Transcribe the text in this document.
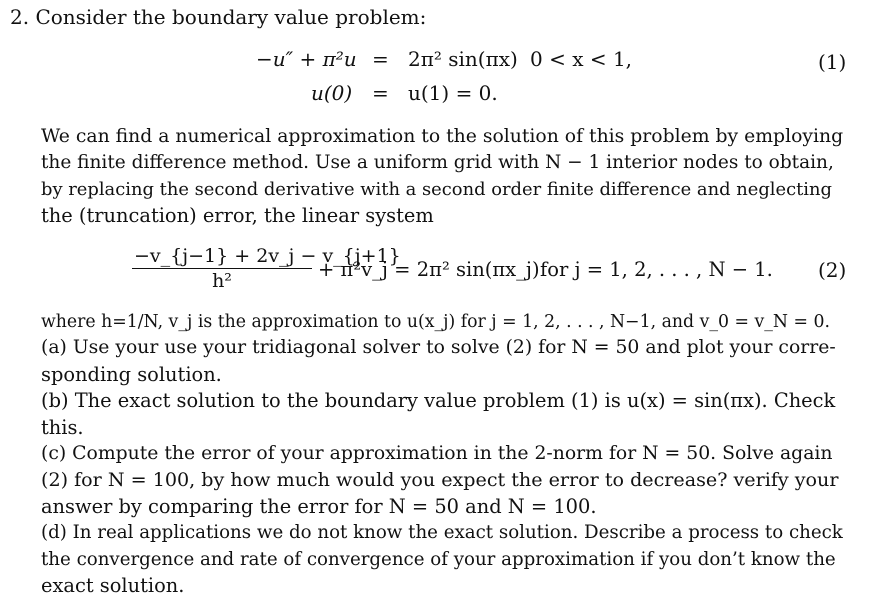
2. Consider the boundary value problem:
−u″ + π²u = 2π² sin(πx) 0 < x < 1,
u(0) = u(1) = 0.
(1)
We can find a numerical approximation to the solution of this problem by employing
the finite difference method. Use a uniform grid with N − 1 interior nodes to obtain,
by replacing the second derivative with a second order finite difference and neglecting
the (truncation) error, the linear system
−v_{j−1} + 2v_j − v_{j+1}
h²	+ π²v_j = 2π² sin(πx_j) for j = 1, 2, . . . , N − 1. (2)
where h=1/N, v_j is the approximation to u(x_j) for j = 1, 2, . . . , N−1, and v_0 = v_N = 0.
(a) Use your use your tridiagonal solver to solve (2) for N = 50 and plot your corre-
sponding solution.
(b) The exact solution to the boundary value problem (1) is u(x) = sin(πx). Check
this.
(c) Compute the error of your approximation in the 2-norm for N = 50. Solve again
(2) for N = 100, by how much would you expect the error to decrease? verify your
answer by comparing the error for N = 50 and N = 100.
(d) In real applications we do not know the exact solution. Describe a process to check
the convergence and rate of convergence of your approximation if you don’t know the
exact solution.
